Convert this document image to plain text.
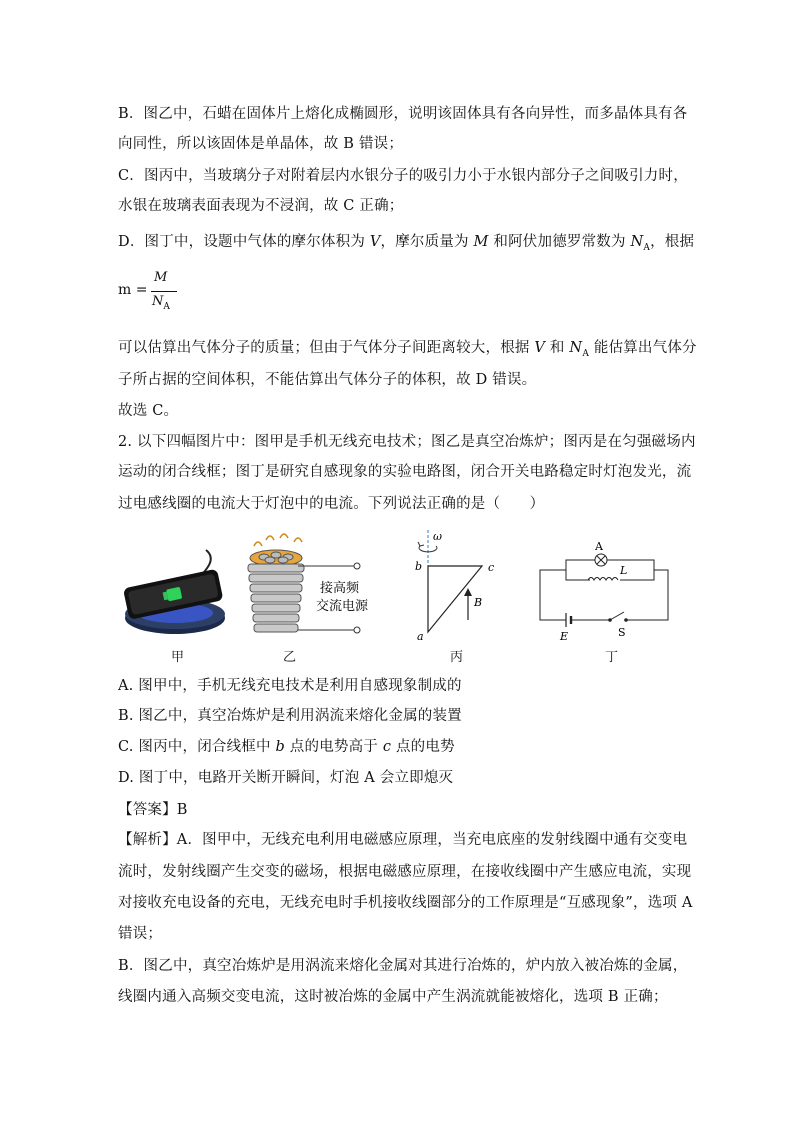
B．图乙中，石蜡在固体片上熔化成椭圆形，说明该固体具有各向异性，而多晶体具有各
向同性，所以该固体是单晶体，故 B 错误；
C．图丙中，当玻璃分子对附着层内水银分子的吸引力小于水银内部分子之间吸引力时，
水银在玻璃表面表现为不浸润，故 C 正确；
D．图丁中，设题中气体的摩尔体积为 V，摩尔质量为 M 和阿伏加德罗常数为 $N_A$，根据
m =
M
$N_A$
可以估算出气体分子的质量；但由于气体分子间距离较大，根据 V 和 $N_A$ 能估算出气体分
子所占据的空间体积，不能估算出气体分子的体积，故 D 错误。
故选 C。
2. 以下四幅图片中：图甲是手机无线充电技术；图乙是真空冶炼炉；图丙是在匀强磁场内
运动的闭合线框；图丁是研究自感现象的实验电路图，闭合开关电路稳定时灯泡发光，流
过电感线圈的电流大于灯泡中的电流。下列说法正确的是（　　）
甲
接高频
交流电源
乙
ω
b	c
a
B
丙
A
L
E	S
丁
A. 图甲中，手机无线充电技术是利用自感现象制成的
B. 图乙中，真空冶炼炉是利用涡流来熔化金属的装置
C. 图丙中，闭合线框中 b 点的电势高于 c 点的电势
D. 图丁中，电路开关断开瞬间，灯泡 A 会立即熄灭
【答案】B
【解析】A．图甲中，无线充电利用电磁感应原理，当充电底座的发射线圈中通有交变电
流时，发射线圈产生交变的磁场，根据电磁感应原理，在接收线圈中产生感应电流，实现
对接收充电设备的充电，无线充电时手机接收线圈部分的工作原理是“互感现象”，选项 A
错误；
B．图乙中，真空冶炼炉是用涡流来熔化金属对其进行冶炼的，炉内放入被冶炼的金属，
线圈内通入高频交变电流，这时被冶炼的金属中产生涡流就能被熔化，选项 B 正确；
